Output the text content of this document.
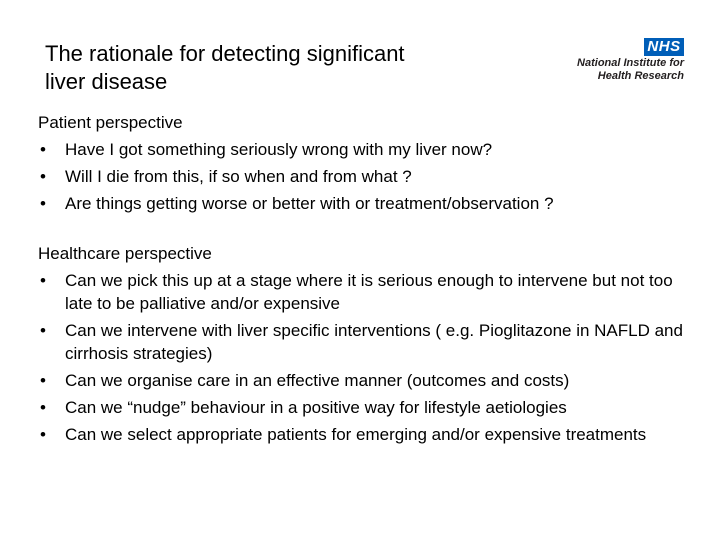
The rationale for detecting significant
liver disease
NHS
National Institute for
Health Research
Patient perspective
• Have I got something seriously wrong with my liver now?
• Will I die from this, if so when and from what ?
• Are things getting worse or better with or treatment/observation ?
Healthcare perspective
• Can we pick this up at a stage where it is serious enough to intervene but not too late to be palliative and/or expensive
• Can we intervene with liver specific interventions ( e.g. Pioglitazone in NAFLD and cirrhosis strategies)
• Can we organise care in an effective manner (outcomes and costs)
• Can we “nudge” behaviour in a positive way for lifestyle aetiologies
• Can we select appropriate patients for emerging and/or expensive treatments
